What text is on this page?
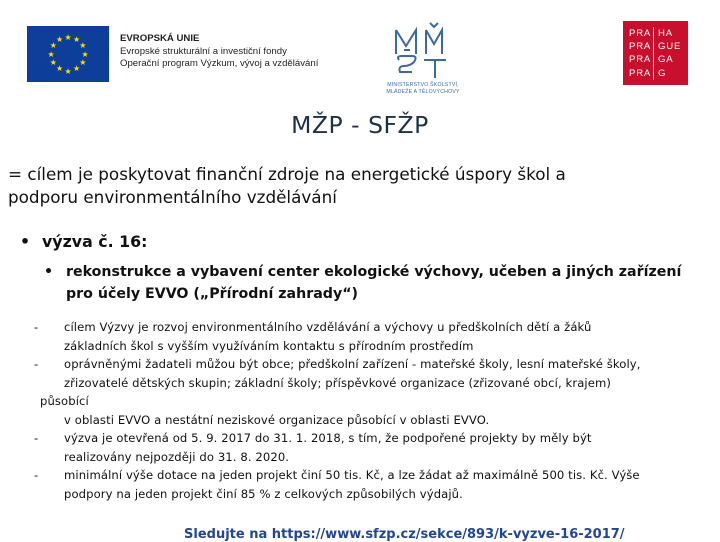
★ ★
★
★
★
★
★
★
★
★
★
★	EVROPSKÁ UNIE
Evropské strukturální a investiční fondy
Operační program Výzkum, vývoj a vzdělávání
MINISTERSTVO ŠKOLSTVÍ,
MLÁDEŽE A TĚLOVÝCHOVY
PRA HA
PRA GUE
PRA GA
PRA G
MŽP - SFŽP
= cílem je poskytovat finanční zdroje na energetické úspory škol a
podporu environmentálního vzdělávání
• výzva č. 16:
• rekonstrukce a vybavení center ekologické výchovy, učeben a jiných zařízení pro účely EVVO („Přírodní zahrady“)
- cílem Výzvy je rozvoj environmentálního vzdělávání a výchovy u předškolních dětí a žáků
základních škol s vyšším využíváním kontaktu s přírodním prostředím
- oprávněnými žadateli můžou být obce; předškolní zařízení - mateřské školy, lesní mateřské školy,
zřizovatelé dětských skupin; základní školy; příspěvkové organizace (zřizované obcí, krajem)
působící
v oblasti EVVO a nestátní neziskové organizace působící v oblasti EVVO.
- výzva je otevřená od 5. 9. 2017 do 31. 1. 2018, s tím, že podpořené projekty by měly být
realizovány nejpozději do 31. 8. 2020.
- minimální výše dotace na jeden projekt činí 50 tis. Kč, a lze žádat až maximálně 500 tis. Kč. Výše
podpory na jeden projekt činí 85 % z celkových způsobilých výdajů.
Sledujte na https://www.sfzp.cz/sekce/893/k-vyzve-16-2017/
